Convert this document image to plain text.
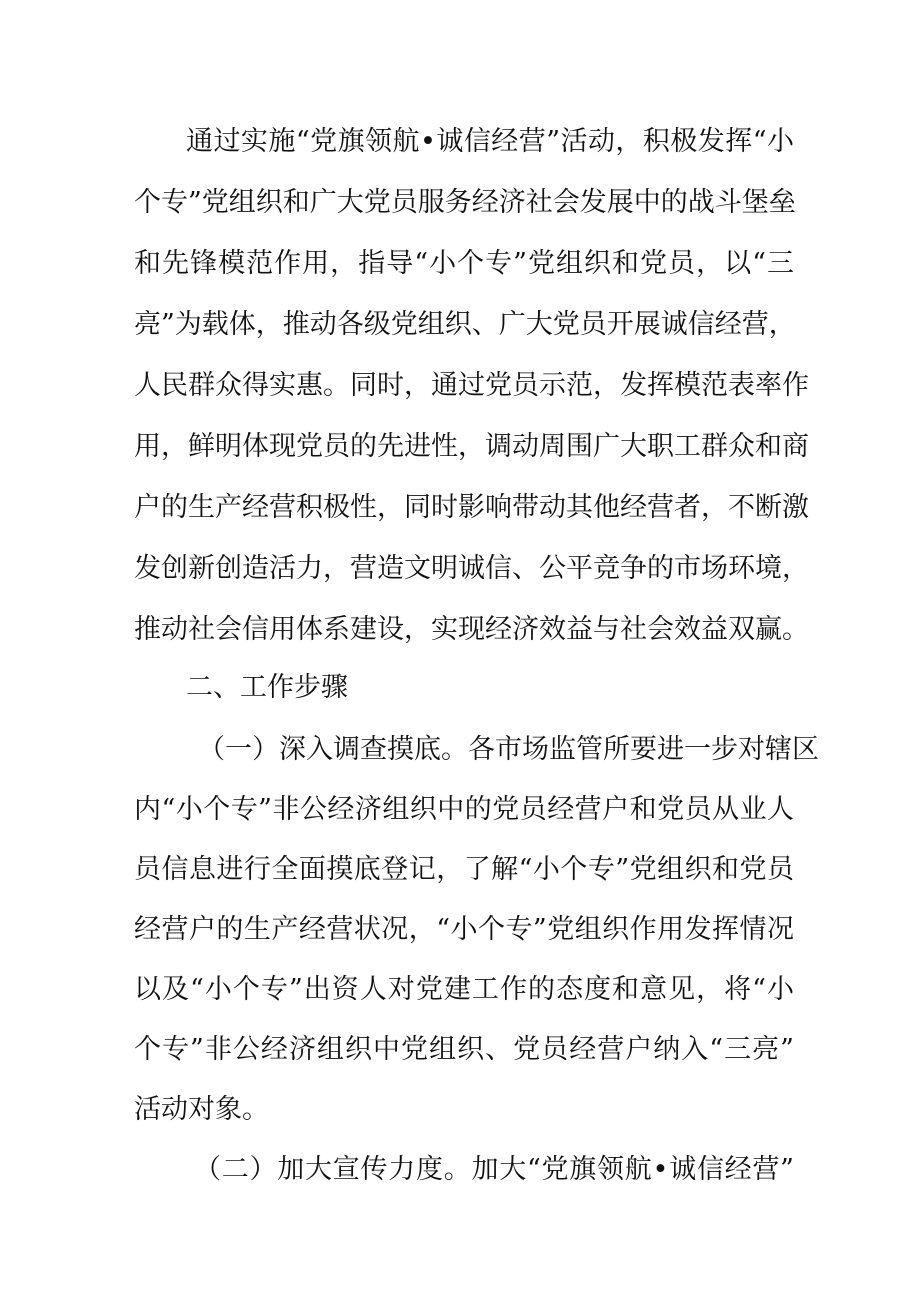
通过实施“党旗领航•诚信经营”活动，积极发挥“小
个专”党组织和广大党员服务经济社会发展中的战斗堡垒
和先锋模范作用，指导“小个专”党组织和党员，以“三
亮”为载体，推动各级党组织、广大党员开展诚信经营，
人民群众得实惠。同时，通过党员示范，发挥模范表率作
用，鲜明体现党员的先进性，调动周围广大职工群众和商
户的生产经营积极性，同时影响带动其他经营者，不断激
发创新创造活力，营造文明诚信、公平竞争的市场环境，
推动社会信用体系建设，实现经济效益与社会效益双赢。
二、工作步骤
（一）深入调查摸底。各市场监管所要进一步对辖区
内“小个专”非公经济组织中的党员经营户和党员从业人
员信息进行全面摸底登记，了解“小个专”党组织和党员
经营户的生产经营状况，“小个专”党组织作用发挥情况
以及“小个专”出资人对党建工作的态度和意见，将“小
个专”非公经济组织中党组织、党员经营户纳入“三亮”
活动对象。
（二）加大宣传力度。加大“党旗领航•诚信经营”
